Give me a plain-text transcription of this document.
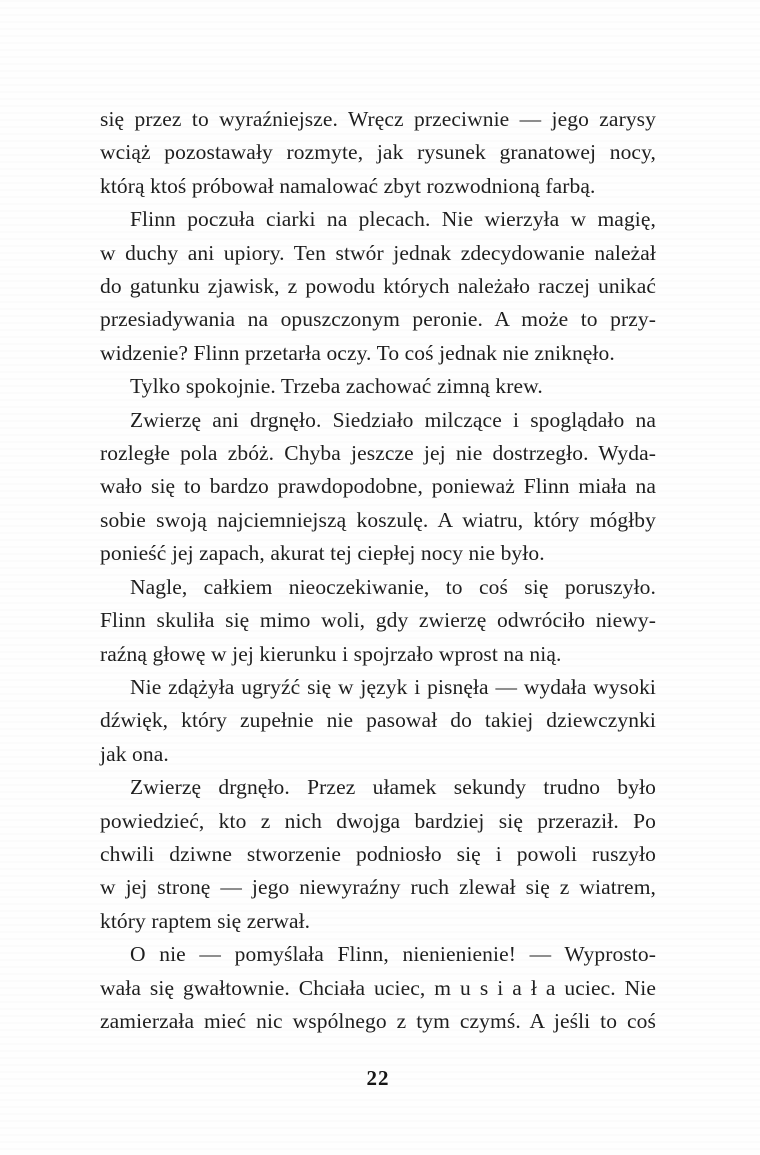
się przez to wyraźniejsze. Wręcz przeciwnie — jego zarysy
wciąż pozostawały rozmyte, jak rysunek granatowej nocy,
którą ktoś próbował namalować zbyt rozwodnioną farbą.
Flinn poczuła ciarki na plecach. Nie wierzyła w magię,
w duchy ani upiory. Ten stwór jednak zdecydowanie należał
do gatunku zjawisk, z powodu których należało raczej unikać
przesiadywania na opuszczonym peronie. A może to przy-
widzenie? Flinn przetarła oczy. To coś jednak nie zniknęło.
Tylko spokojnie. Trzeba zachować zimną krew.
Zwierzę ani drgnęło. Siedziało milczące i spoglądało na
rozległe pola zbóż. Chyba jeszcze jej nie dostrzegło. Wyda-
wało się to bardzo prawdopodobne, ponieważ Flinn miała na
sobie swoją najciemniejszą koszulę. A wiatru, który mógłby
ponieść jej zapach, akurat tej ciepłej nocy nie było.
Nagle, całkiem nieoczekiwanie, to coś się poruszyło.
Flinn skuliła się mimo woli, gdy zwierzę odwróciło niewy-
raźną głowę w jej kierunku i spojrzało wprost na nią.
Nie zdążyła ugryźć się w język i pisnęła — wydała wysoki
dźwięk, który zupełnie nie pasował do takiej dziewczynki
jak ona.
Zwierzę drgnęło. Przez ułamek sekundy trudno było
powiedzieć, kto z nich dwojga bardziej się przeraził. Po
chwili dziwne stworzenie podniosło się i powoli ruszyło
w jej stronę — jego niewyraźny ruch zlewał się z wiatrem,
który raptem się zerwał.
O nie — pomyślała Flinn, nienienienie! — Wyprosto-
wała się gwałtownie. Chciała uciec, m u s i a ł a uciec. Nie
zamierzała mieć nic wspólnego z tym czymś. A jeśli to coś
22
